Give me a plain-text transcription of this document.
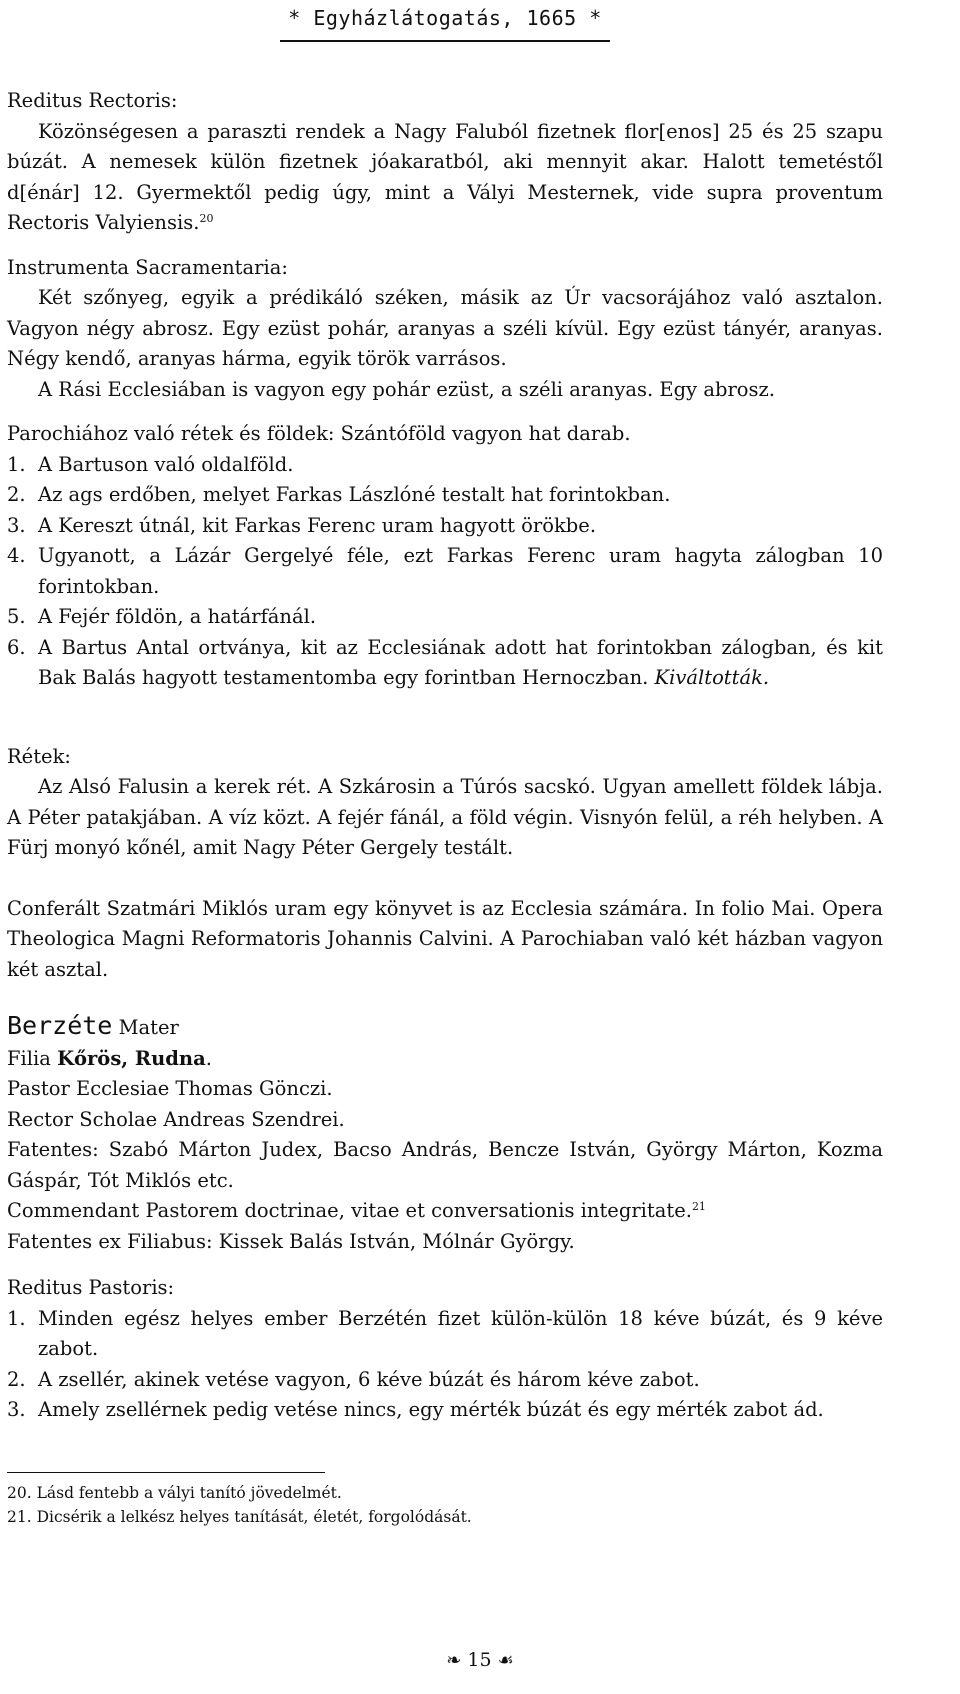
* Egyházlátogatás, 1665 *
Reditus Rectoris:
Közönségesen a paraszti rendek a Nagy Faluból fizetnek flor[enos] 25 és 25 szapu búzát. A nemesek külön fizetnek jóakaratból, aki mennyit akar. Halott temetéstől d[énár] 12. Gyermektől pedig úgy, mint a Vályi Mesternek, vide supra proventum Rectoris Valyiensis.$^{20}$
Instrumenta Sacramentaria:
Két szőnyeg, egyik a prédikáló széken, másik az Úr vacsorájához való asztalon. Vagyon négy abrosz. Egy ezüst pohár, aranyas a széli kívül. Egy ezüst tányér, aranyas. Négy kendő, aranyas hárma, egyik török varrásos.
A Rási Ecclesiában is vagyon egy pohár ezüst, a széli aranyas. Egy abrosz.
Parochiához való rétek és földek: Szántóföld vagyon hat darab.
1. A Bartuson való oldalföld.
2. Az ags erdőben, melyet Farkas Lászlóné testalt hat forintokban.
3. A Kereszt útnál, kit Farkas Ferenc uram hagyott örökbe.
4. Ugyanott, a Lázár Gergelyé féle, ezt Farkas Ferenc uram hagyta zálogban 10 forintokban.
5. A Fejér földön, a határfánál.
6. A Bartus Antal ortványa, kit az Ecclesiának adott hat forintokban zálogban, és kit Bak Balás hagyott testamentomba egy forintban Hernoczban. Kiváltották.
Rétek:
Az Alsó Falusin a kerek rét. A Szkárosin a Túrós sacskó. Ugyan amellett földek lábja. A Péter patakjában. A víz közt. A fejér fánál, a föld végin. Visnyón felül, a réh helyben. A Fürj monyó kőnél, amit Nagy Péter Gergely testált.
Conferált Szatmári Miklós uram egy könyvet is az Ecclesia számára. In folio Mai. Opera Theologica Magni Reformatoris Johannis Calvini. A Parochiaban való két házban vagyon két asztal.
Berzéte Mater
Filia Kőrös, Rudna.
Pastor Ecclesiae Thomas Gönczi.
Rector Scholae Andreas Szendrei.
Fatentes: Szabó Márton Judex, Bacso András, Bencze István, György Márton, Kozma Gáspár, Tót Miklós etc.
Commendant Pastorem doctrinae, vitae et conversationis integritate.$^{21}$
Fatentes ex Filiabus: Kissek Balás István, Mólnár György.
Reditus Pastoris:
1. Minden egész helyes ember Berzétén fizet külön-külön 18 kéve búzát, és 9 kéve zabot.
2. A zsellér, akinek vetése vagyon, 6 kéve búzát és három kéve zabot.
3. Amely zsellérnek pedig vetése nincs, egy mérték búzát és egy mérték zabot ád.
20. Lásd fentebb a vályi tanító jövedelmét.
21. Dicsérik a lelkész helyes tanítását, életét, forgolódását.
❧ 15 ☙
